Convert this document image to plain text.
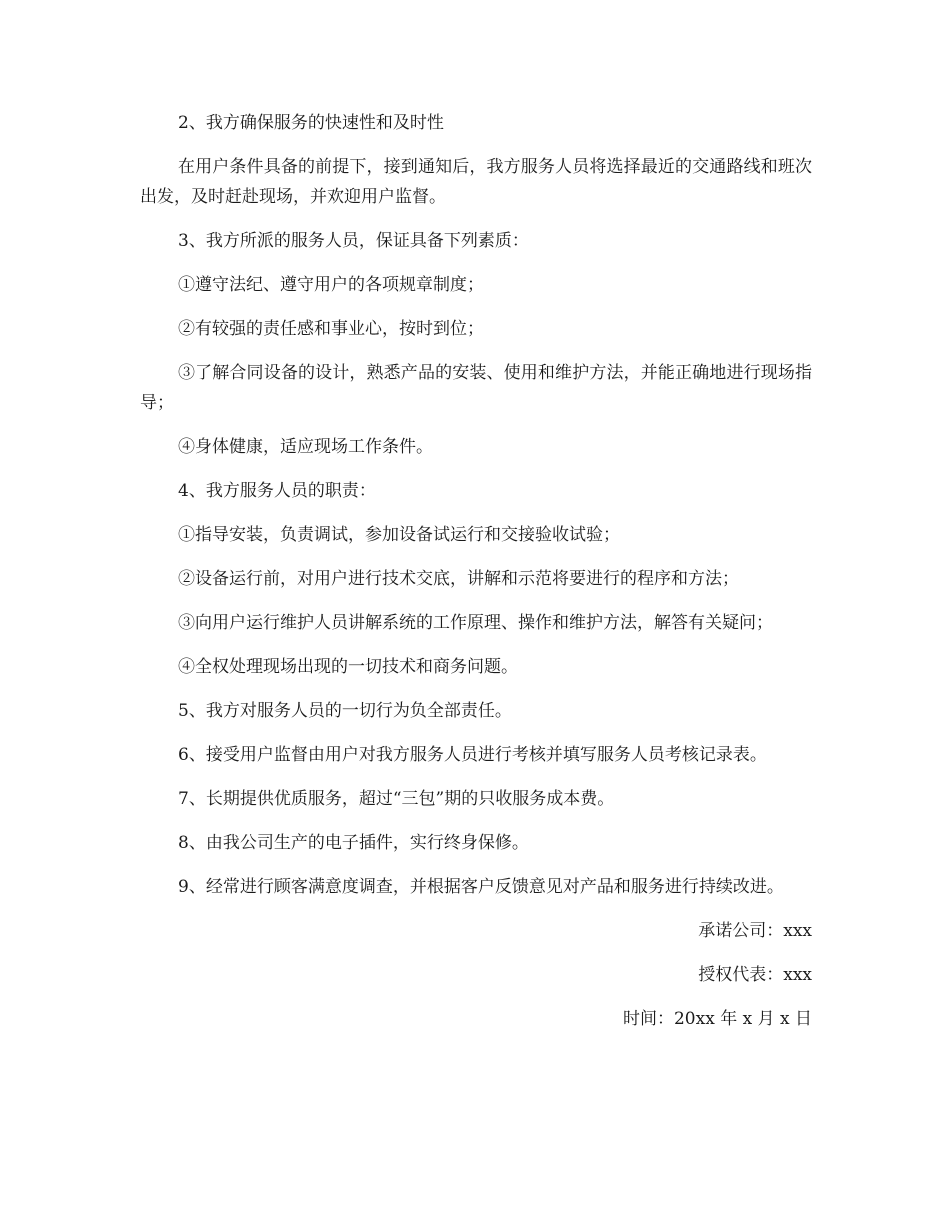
2、我方确保服务的快速性和及时性

在用户条件具备的前提下，接到通知后，我方服务人员将选择最近的交通路线和班次出发，及时赶赴现场，并欢迎用户监督。

3、我方所派的服务人员，保证具备下列素质：

①遵守法纪、遵守用户的各项规章制度；

②有较强的责任感和事业心，按时到位；

③了解合同设备的设计，熟悉产品的安装、使用和维护方法，并能正确地进行现场指导；

④身体健康，适应现场工作条件。

4、我方服务人员的职责：

①指导安装，负责调试，参加设备试运行和交接验收试验；

②设备运行前，对用户进行技术交底，讲解和示范将要进行的程序和方法；

③向用户运行维护人员讲解系统的工作原理、操作和维护方法，解答有关疑问；

④全权处理现场出现的一切技术和商务问题。

5、我方对服务人员的一切行为负全部责任。

6、接受用户监督由用户对我方服务人员进行考核并填写服务人员考核记录表。

7、长期提供优质服务，超过“三包”期的只收服务成本费。

8、由我公司生产的电子插件，实行终身保修。

9、经常进行顾客满意度调查，并根据客户反馈意见对产品和服务进行持续改进。

承诺公司：xxx

授权代表：xxx

时间：20xx 年 x 月 x 日
